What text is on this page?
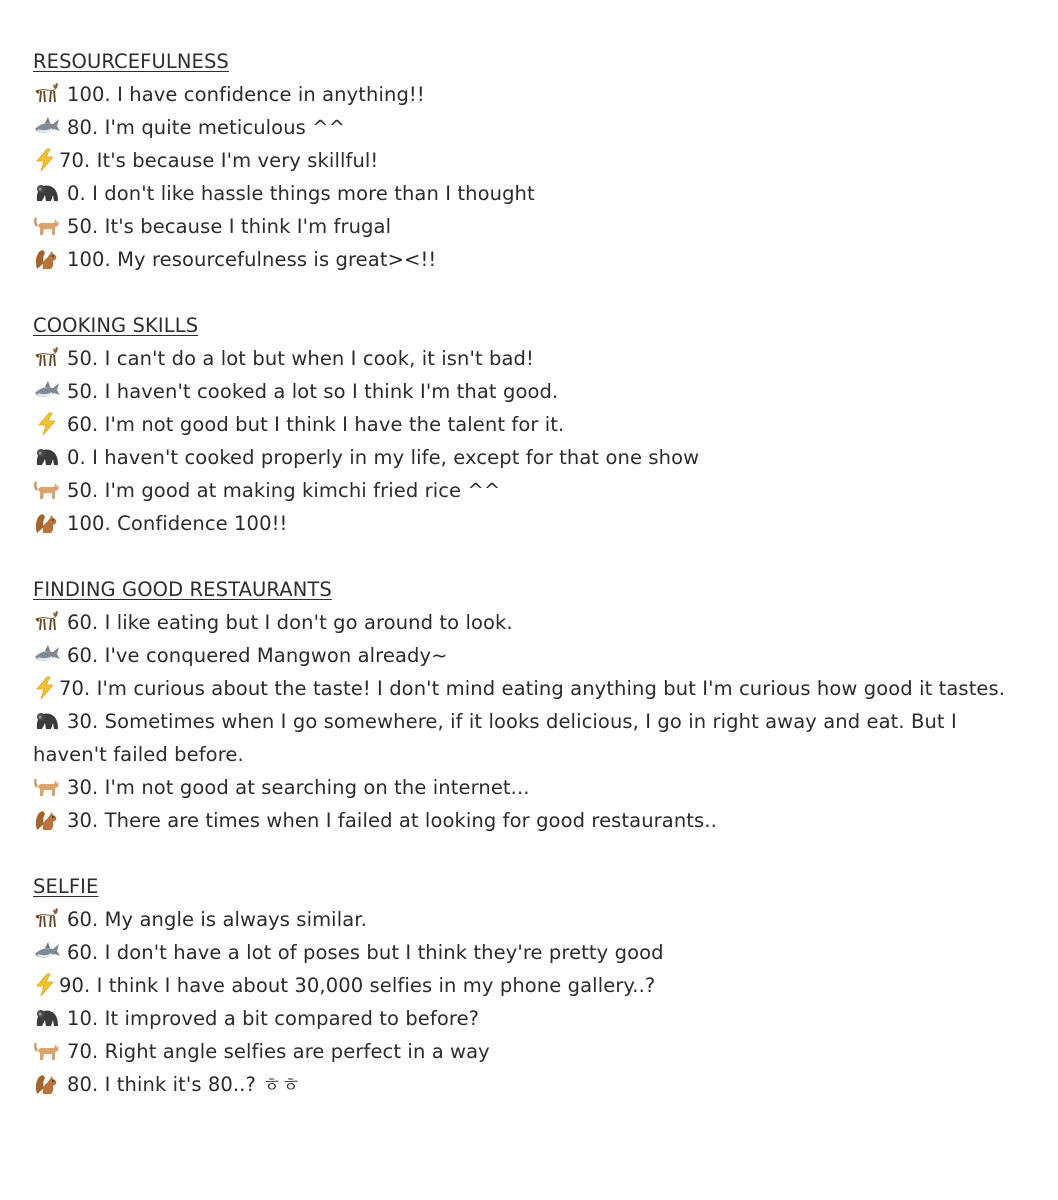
RESOURCEFULNESS
100. I have confidence in anything!!
80. I'm quite meticulous ^^
70. It's because I'm very skillful!
0. I don't like hassle things more than I thought
50. It's because I think I'm frugal
100. My resourcefulness is great><!!
COOKING SKILLS
50. I can't do a lot but when I cook, it isn't bad!
50. I haven't cooked a lot so I think I'm that good.
60. I'm not good but I think I have the talent for it.
0. I haven't cooked properly in my life, except for that one show
50. I'm good at making kimchi fried rice ^^
100. Confidence 100!!
FINDING GOOD RESTAURANTS
60. I like eating but I don't go around to look.
60. I've conquered Mangwon already~
70. I'm curious about the taste! I don't mind eating anything but I'm curious how good it tastes.
30. Sometimes when I go somewhere, if it looks delicious, I go in right away and eat. But I haven't failed before.
30. I'm not good at searching on the internet...
30. There are times when I failed at looking for good restaurants..
SELFIE
60. My angle is always similar.
60. I don't have a lot of poses but I think they're pretty good
90. I think I have about 30,000 selfies in my phone gallery..?
10. It improved a bit compared to before?
70. Right angle selfies are perfect in a way
80. I think it's 80..? ㅎㅎ
